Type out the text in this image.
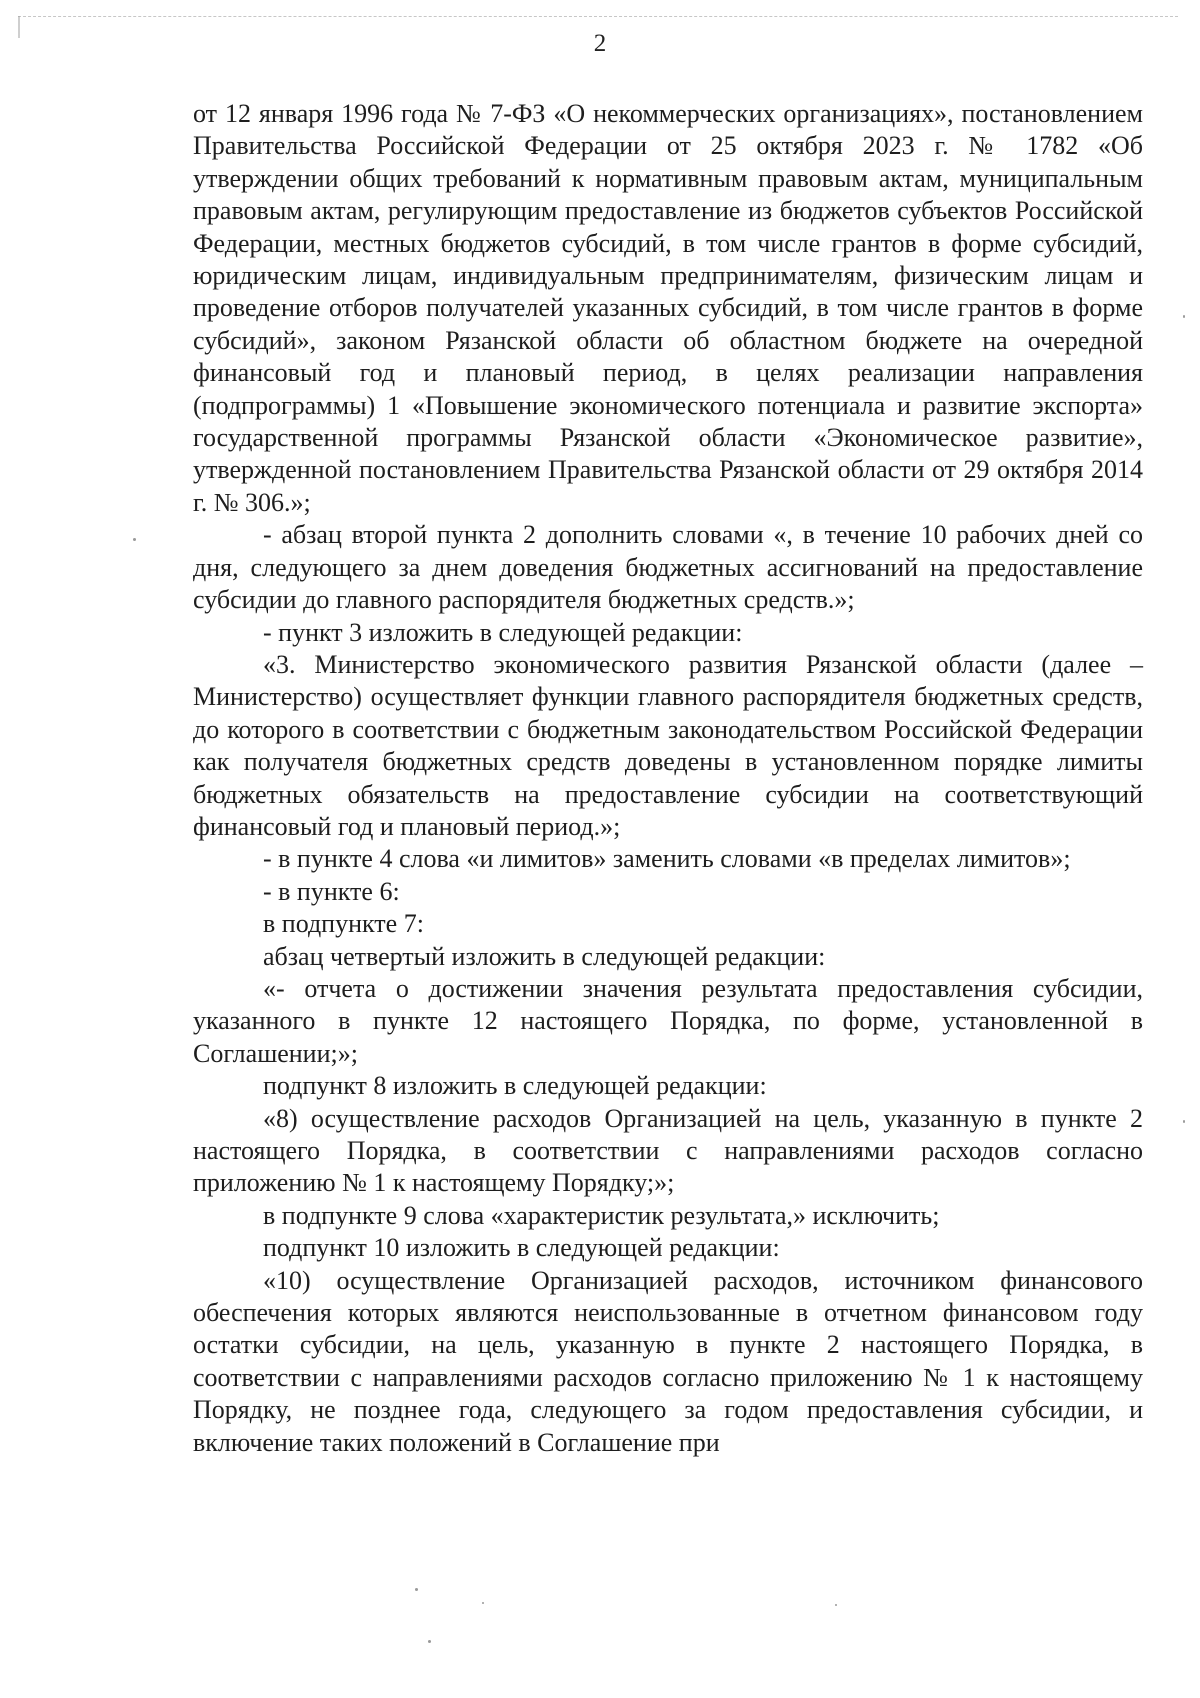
2

от 12 января 1996 года № 7-ФЗ «О некоммерческих организациях», постановлением Правительства Российской Федерации от 25 октября 2023 г. № 1782 «Об утверждении общих требований к нормативным правовым актам, муниципальным правовым актам, регулирующим предоставление из бюджетов субъектов Российской Федерации, местных бюджетов субсидий, в том числе грантов в форме субсидий, юридическим лицам, индивидуальным предпринимателям, физическим лицам и проведение отборов получателей указанных субсидий, в том числе грантов в форме субсидий», законом Рязанской области об областном бюджете на очередной финансовый год и плановый период, в целях реализации направления (подпрограммы) 1 «Повышение экономического потенциала и развитие экспорта» государственной программы Рязанской области «Экономическое развитие», утвержденной постановлением Правительства Рязанской области от 29 октября 2014 г. № 306.»;

- абзац второй пункта 2 дополнить словами «, в течение 10 рабочих дней со дня, следующего за днем доведения бюджетных ассигнований на предоставление субсидии до главного распорядителя бюджетных средств.»;

- пункт 3 изложить в следующей редакции:

«3. Министерство экономического развития Рязанской области (далее – Министерство) осуществляет функции главного распорядителя бюджетных средств, до которого в соответствии с бюджетным законодательством Российской Федерации как получателя бюджетных средств доведены в установленном порядке лимиты бюджетных обязательств на предоставление субсидии на соответствующий финансовый год и плановый период.»;

- в пункте 4 слова «и лимитов» заменить словами «в пределах лимитов»;

- в пункте 6:

в подпункте 7:

абзац четвертый изложить в следующей редакции:

«- отчета о достижении значения результата предоставления субсидии, указанного в пункте 12 настоящего Порядка, по форме, установленной в Соглашении;»;

подпункт 8 изложить в следующей редакции:

«8) осуществление расходов Организацией на цель, указанную в пункте 2 настоящего Порядка, в соответствии с направлениями расходов согласно приложению № 1 к настоящему Порядку;»;

в подпункте 9 слова «характеристик результата,» исключить;

подпункт 10 изложить в следующей редакции:

«10) осуществление Организацией расходов, источником финансового обеспечения которых являются неиспользованные в отчетном финансовом году остатки субсидии, на цель, указанную в пункте 2 настоящего Порядка, в соответствии с направлениями расходов согласно приложению № 1 к настоящему Порядку, не позднее года, следующего за годом предоставления субсидии, и включение таких положений в Соглашение при
